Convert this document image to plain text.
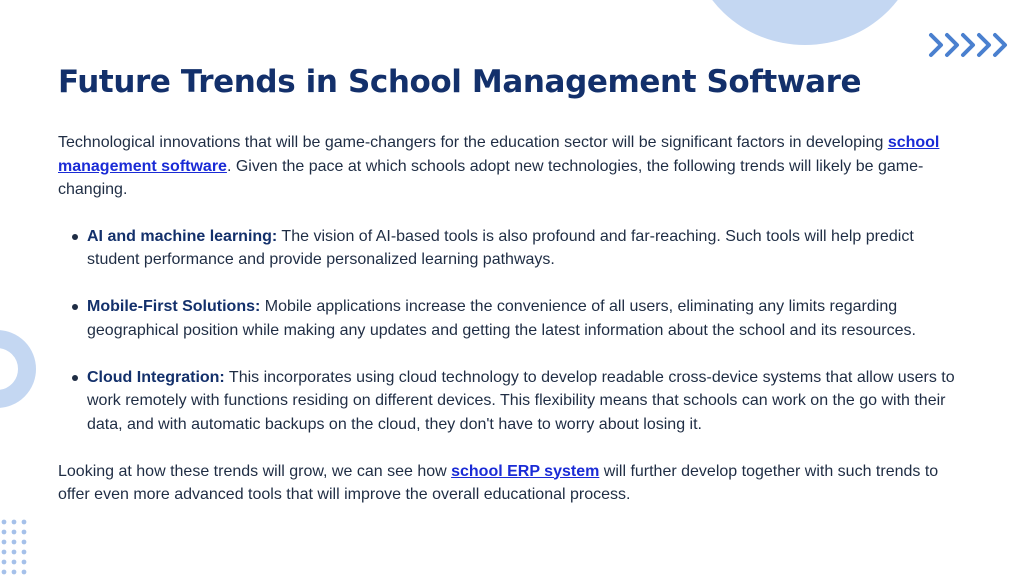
Future Trends in School Management Software

Technological innovations that will be game-changers for the education sector will be significant factors in developing school management software. Given the pace at which schools adopt new technologies, the following trends will likely be game-changing.

AI and machine learning: The vision of AI-based tools is also profound and far-reaching. Such tools will help predict student performance and provide personalized learning pathways.
Mobile-First Solutions: Mobile applications increase the convenience of all users, eliminating any limits regarding geographical position while making any updates and getting the latest information about the school and its resources.
Cloud Integration: This incorporates using cloud technology to develop readable cross-device systems that allow users to work remotely with functions residing on different devices. This flexibility means that schools can work on the go with their data, and with automatic backups on the cloud, they don't have to worry about losing it.

Looking at how these trends will grow, we can see how school ERP system will further develop together with such trends to offer even more advanced tools that will improve the overall educational process.
